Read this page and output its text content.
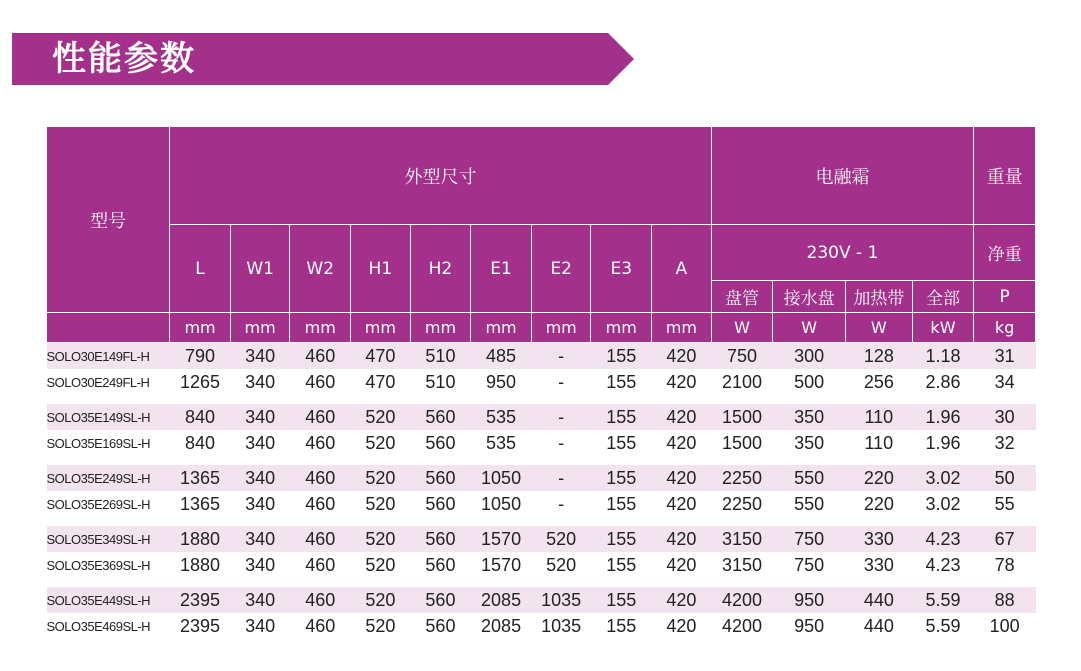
性能参数
型号	外型尺寸									电融霜				重量
	L	W1	W2	H1	H2	E1	E2	E3	A	230V - 1				净重
										盘管	接水盘	加热带	全部	P
	mm	mm	mm	mm	mm	mm	mm	mm	mm	W	W	W	kW	kg
SOLO30E149FL-H	790	340	460	470	510	485	-	155	420	750	300	128	1.18	31
SOLO30E249FL-H	1265	340	460	470	510	950	-	155	420	2100	500	256	2.86	34

SOLO35E149SL-H	840	340	460	520	560	535	-	155	420	1500	350	110	1.96	30
SOLO35E169SL-H	840	340	460	520	560	535	-	155	420	1500	350	110	1.96	32

SOLO35E249SL-H	1365	340	460	520	560	1050	-	155	420	2250	550	220	3.02	50
SOLO35E269SL-H	1365	340	460	520	560	1050	-	155	420	2250	550	220	3.02	55

SOLO35E349SL-H	1880	340	460	520	560	1570	520	155	420	3150	750	330	4.23	67
SOLO35E369SL-H	1880	340	460	520	560	1570	520	155	420	3150	750	330	4.23	78

SOLO35E449SL-H	2395	340	460	520	560	2085	1035	155	420	4200	950	440	5.59	88
SOLO35E469SL-H	2395	340	460	520	560	2085	1035	155	420	4200	950	440	5.59	100
